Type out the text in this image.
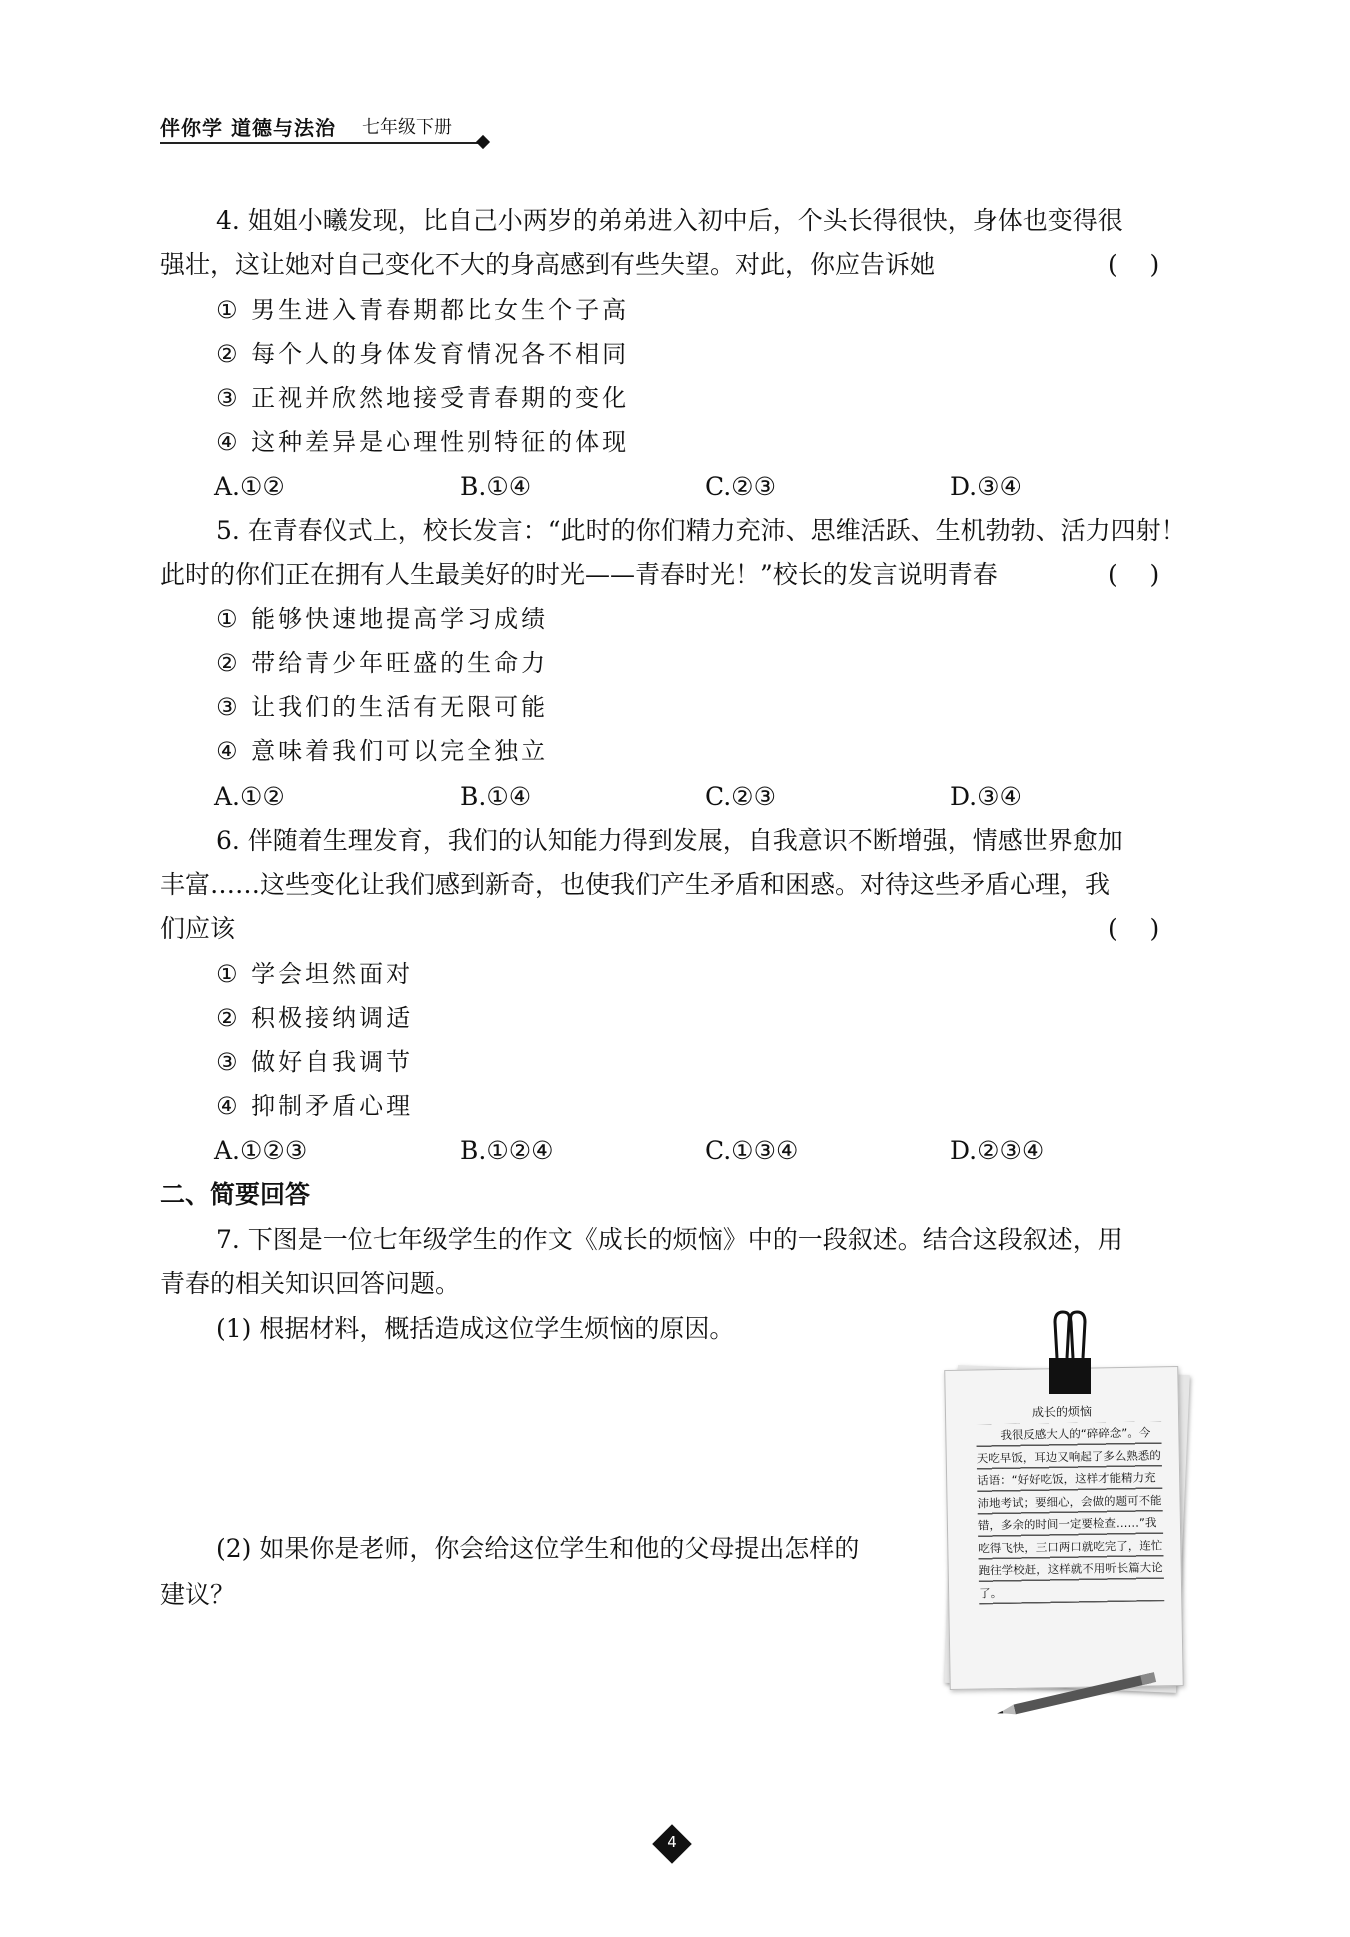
伴你学 道德与法治 七年级下册
4. 姐姐小曦发现，比自己小两岁的弟弟进入初中后，个头长得很快，身体也变得很
强壮，这让她对自己变化不大的身高感到有些失望。对此，你应告诉她	(    )
① 男生进入青春期都比女生个子高
② 每个人的身体发育情况各不相同
③ 正视并欣然地接受青春期的变化
④ 这种差异是心理性别特征的体现
A.①②	B.①④	C.②③	D.③④
5. 在青春仪式上，校长发言：“此时的你们精力充沛、思维活跃、生机勃勃、活力四射！
此时的你们正在拥有人生最美好的时光——青春时光！”校长的发言说明青春	(    )
① 能够快速地提高学习成绩
② 带给青少年旺盛的生命力
③ 让我们的生活有无限可能
④ 意味着我们可以完全独立
A.①②	B.①④	C.②③	D.③④
6. 伴随着生理发育，我们的认知能力得到发展，自我意识不断增强，情感世界愈加
丰富……这些变化让我们感到新奇，也使我们产生矛盾和困惑。对待这些矛盾心理，我
们应该	(    )
① 学会坦然面对
② 积极接纳调适
③ 做好自我调节
④ 抑制矛盾心理
A.①②③	B.①②④	C.①③④	D.②③④
二、简要回答
7. 下图是一位七年级学生的作文《成长的烦恼》中的一段叙述。结合这段叙述，用
青春的相关知识回答问题。
(1) 根据材料，概括造成这位学生烦恼的原因。
(2) 如果你是老师，你会给这位学生和他的父母提出怎样的
建议？
成长的烦恼
我很反感大人的“碎碎念”。今天吃早饭，耳边又响起了多么熟悉的话语：“好好吃饭，这样才能精力充沛地考试；要细心，会做的题可不能错，多余的时间一定要检查……”我吃得飞快，三口两口就吃完了，连忙跑往学校赶，这样就不用听长篇大论了。
4
